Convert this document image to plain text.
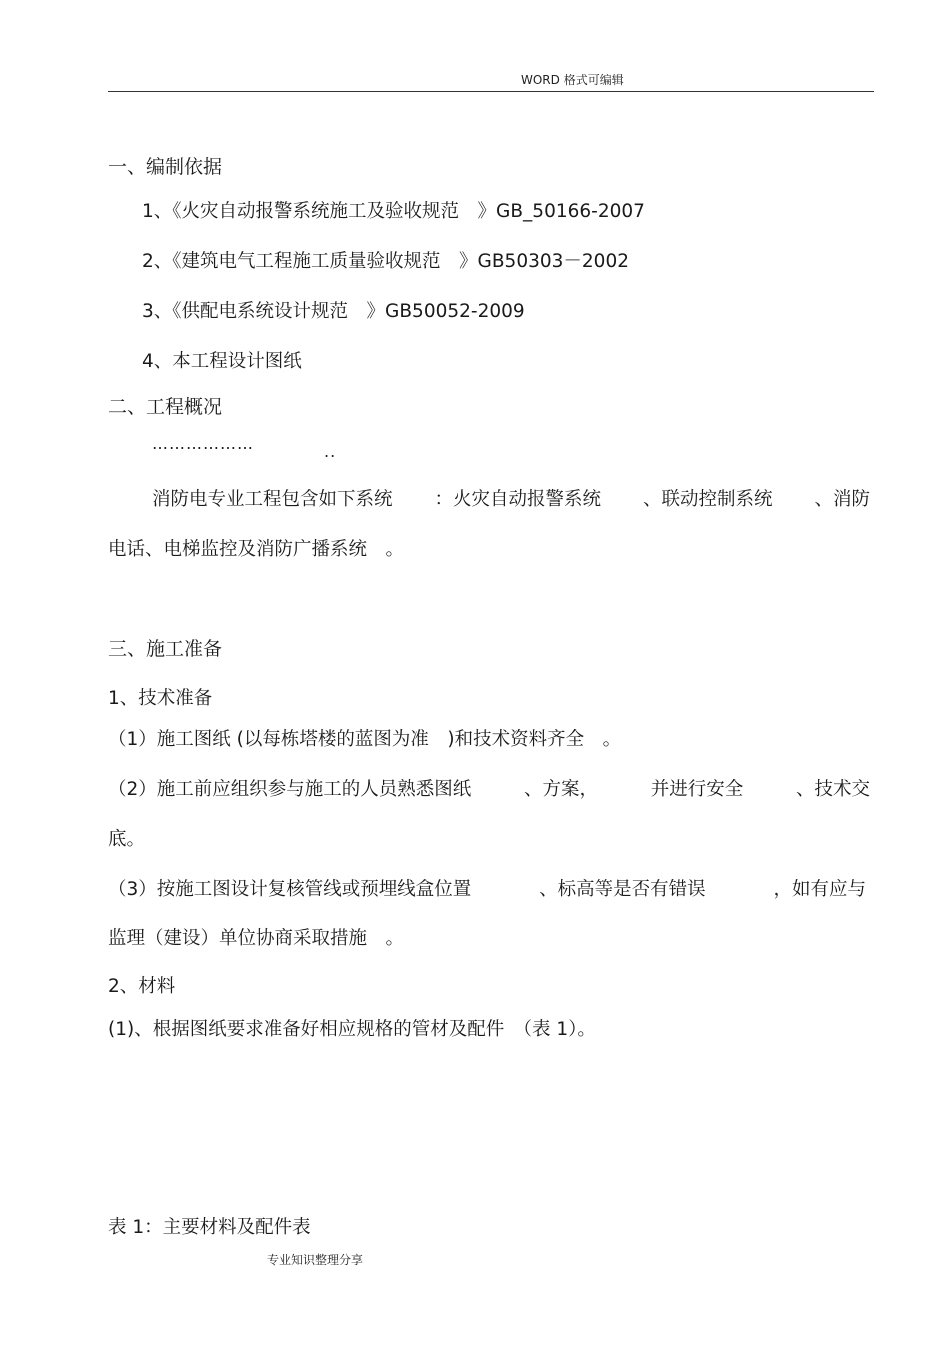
WORD 格式可编辑
一、编制依据
1、《火灾自动报警系统施工及验收规范　》GB_50166-2007
2、《建筑电气工程施工质量验收规范　》GB50303－2002
3、《供配电系统设计规范　》GB50052-2009
4、本工程设计图纸
二、工程概况
………………	..
消防电专业工程包含如下系统 ：火灾自动报警系统 、联动控制系统 、消防
电话、电梯监控及消防广播系统　。
三、施工准备
1、技术准备
（1）施工图纸 (以每栋塔楼的蓝图为准　)和技术资料齐全　。
（2）施工前应组织参与施工的人员熟悉图纸	、方案，	并进行安全	、技术交
底。
（3）按施工图设计复核管线或预埋线盒位置	、标高等是否有错误	，如有应与
监理（建设）单位协商采取措施　。
2、材料
(1)、根据图纸要求准备好相应规格的管材及配件　（表 1）。
表 1：主要材料及配件表
专业知识整理分享
